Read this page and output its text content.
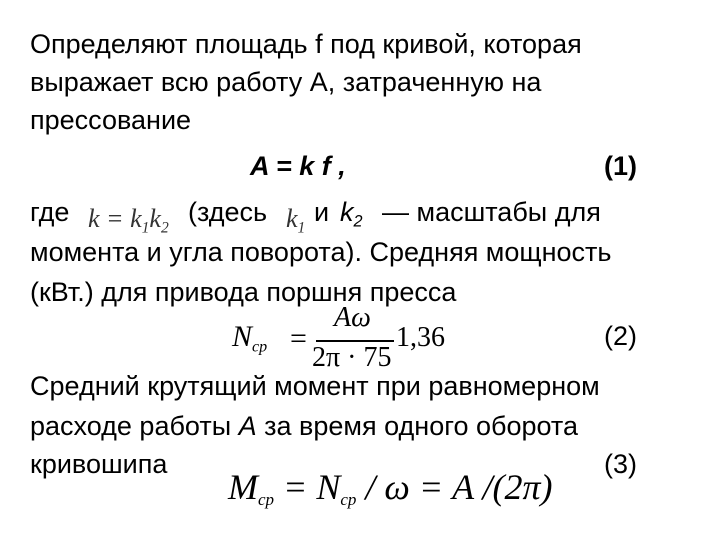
Определяют площадь f под кривой, которая
выражает всю работу А, затраченную на
прессование
A = k f ,	(1)
где $k = k_1k_2$
(здесь $k_1$
и $k_2$ — масштабы для
момента и угла поворота). Средняя мощность
(кВт.) для привода поршня пресса
$N_{ср}$ =
Aω
2π · 75
1,36	(2)
Средний крутящий момент при равномерном
расходе работы А за время одного оборота
кривошипа	(3)
$M_{ср} = N_{ср} / \omega = A$ /(2π)
